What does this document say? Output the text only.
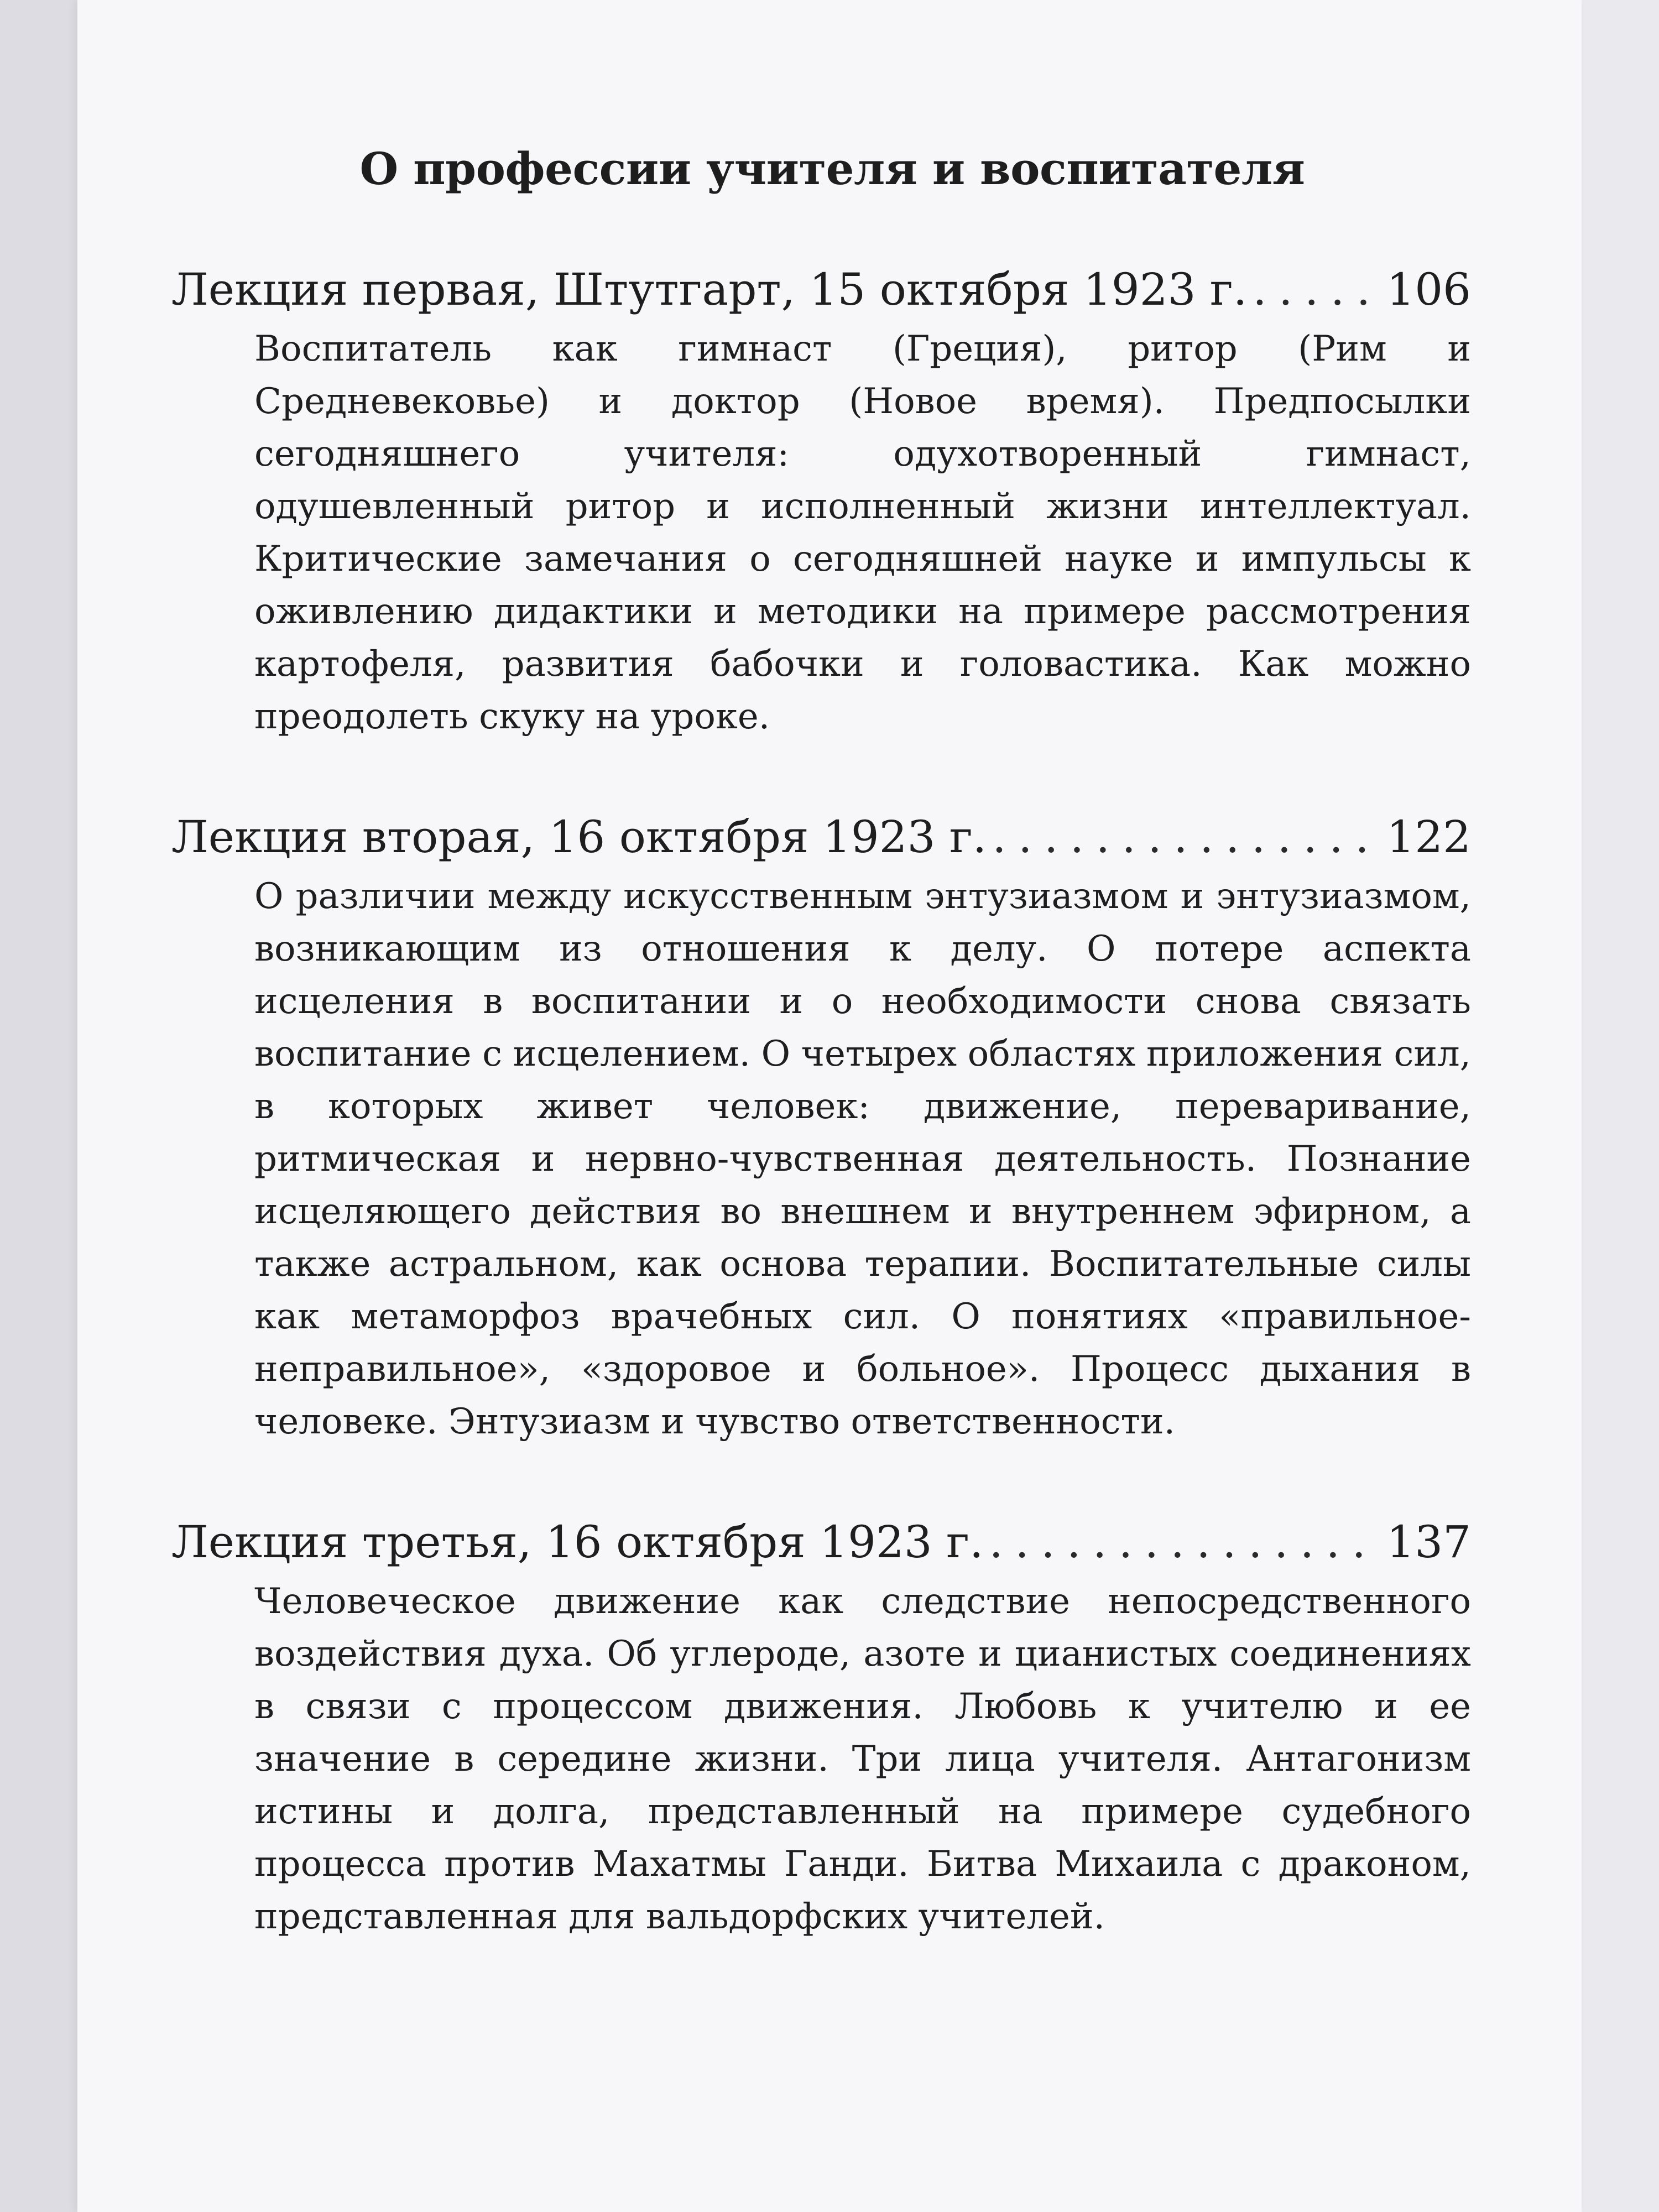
О профессии учителя и воспитателя
Лекция первая, Штутгарт, 15 октября 1923 г. . . .	106

Воспитатель как гимнаст (Греция), ритор (Рим и Средневековье) и доктор (Новое время). Предпосылки сегодняшнего учителя: одухотворенный гимнаст, одушевленный ритор и исполненный жизни интеллектуал. Критические замечания о сегодняшней науке и импульсы к оживлению дидактики и методики на примере рассмотрения картофеля, развития бабочки и головастика. Как можно преодолеть скуку на уроке.

Лекция вторая, 16 октября 1923 г. . . .	122

О различии между искусственным энтузиазмом и энтузиазмом, возникающим из отношения к делу. О потере аспекта исцеления в воспитании и о необходимости снова связать воспитание с исцелением. О четырех областях приложения сил, в которых живет человек: движение, переваривание, ритмическая и нервно-чувственная деятельность. Познание исцеляющего действия во внешнем и внутреннем эфирном, а также астральном, как основа терапии. Воспитательные силы как метаморфоз врачебных сил. О понятиях «правильное-неправильное», «здоровое и больное». Процесс дыхания в человеке. Энтузиазм и чувство ответственности.

Лекция третья, 16 октября 1923 г. . . .	137

Человеческое движение как следствие непосредственного воздействия духа. Об углероде, азоте и цианистых соединениях в связи с процессом движения. Любовь к учителю и ее значение в середине жизни. Три лица учителя. Антагонизм истины и долга, представленный на примере судебного процесса против Махатмы Ганди. Битва Михаила с драконом, представленная для вальдорфских учителей.
